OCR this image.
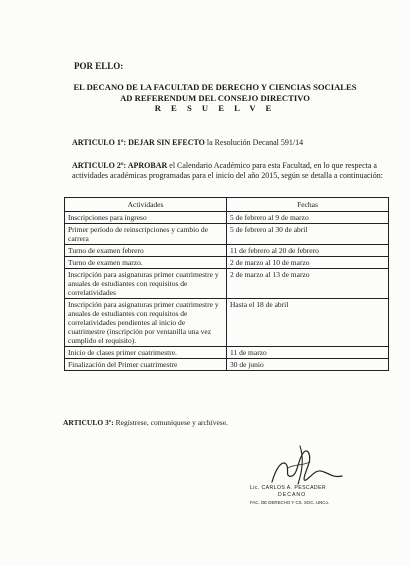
POR ELLO:
EL DECANO DE LA FACULTAD DE DERECHO Y CIENCIAS SOCIALES
AD REFERENDUM DEL CONSEJO DIRECTIVO
R E S U E L V E
ARTICULO 1º: DEJAR SIN EFECTO la Resolución Decanal 591/14
ARTICULO 2º: APROBAR el Calendario Académico para esta Facultad, en lo que respecta a actividades académicas programadas para el inicio del año 2015, según se detalla a continuación:
Actividades	Fechas
Inscripciones para ingreso	5 de febrero al 9 de marzo
Primer período de reinscripciones y cambio de carrera	5 de febrero al 30 de abril
Turno de examen febrero	11 de febrero al 20 de febrero
Turno de examen marzo.	2 de marzo al 10 de marzo
Inscripción para asignaturas primer cuatrimestre y anuales de estudiantes con requisitos de correlatividades	2 de marzo al 13 de marzo
Inscripción para asignaturas primer cuatrimestre y anuales de estudiantes con requisitos de correlatividades pendientes al inicio de cuatrimestre (inscripción por ventanilla una vez cumplido el requisito).	Hasta el 18 de abril
Inicio de clases primer cuatrimestre.	11 de marzo
Finalización del Primer cuatrimestre	30 de junio
ARTICULO 3º: Regístrese, comuníquese y archívese.
Lic. CARLOS A. PESCADER
DECANO
FAC. DE DERECHO Y CS. SOC. UNCo.
